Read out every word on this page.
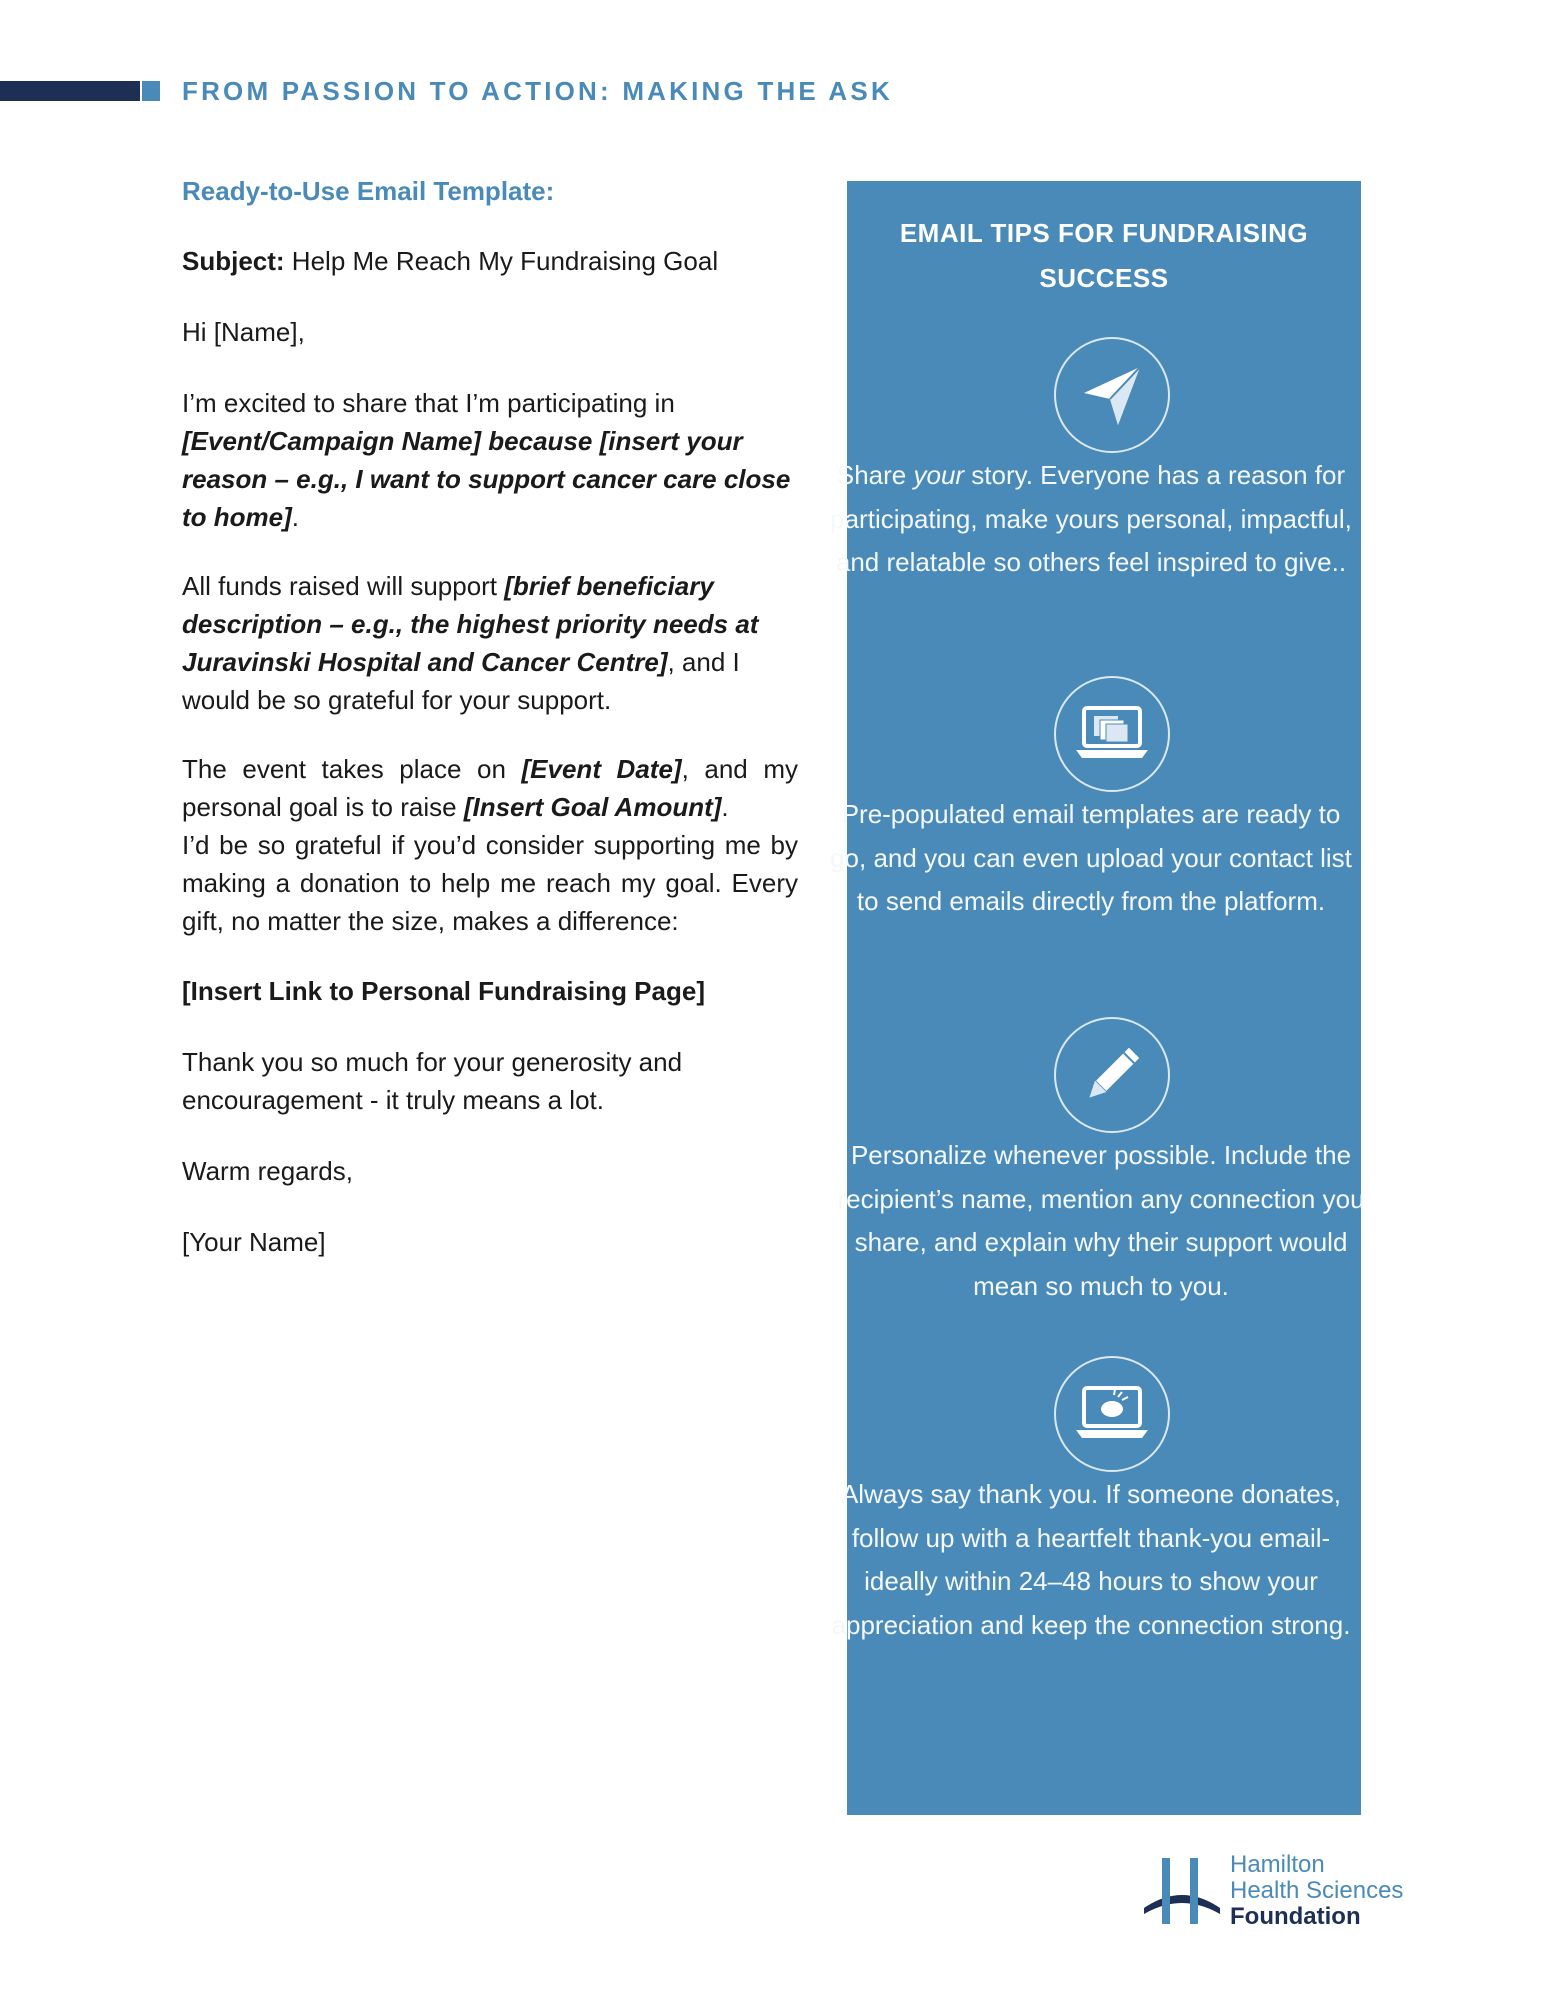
FROM PASSION TO ACTION: MAKING THE ASK

Ready-to-Use Email Template:

Subject: Help Me Reach My Fundraising Goal

Hi [Name],

I’m excited to share that I’m participating in [Event/Campaign Name] because [insert your reason – e.g., I want to support cancer care close to home].

All funds raised will support [brief beneficiary description – e.g., the highest priority needs at Juravinski Hospital and Cancer Centre], and I would be so grateful for your support.

The event takes place on [Event Date], and my personal goal is to raise [Insert Goal Amount].

I’d be so grateful if you’d consider supporting me by making a donation to help me reach my goal. Every gift, no matter the size, makes a difference:

[Insert Link to Personal Fundraising Page]

Thank you so much for your generosity and encouragement - it truly means a lot.

Warm regards,

[Your Name]

EMAIL TIPS FOR FUNDRAISING
SUCCESS
Share your story. Everyone has a reason for participating, make yours personal, impactful, and relatable so others feel inspired to give..
Pre-populated email templates are ready to go, and you can even upload your contact list to send emails directly from the platform.
Personalize whenever possible. Include the recipient’s name, mention any connection you share, and explain why their support would mean so much to you.
Always say thank you. If someone donates, follow up with a heartfelt thank-you email-ideally within 24–48 hours to show your appreciation and keep the connection strong.
Hamilton
Health Sciences
Foundation
